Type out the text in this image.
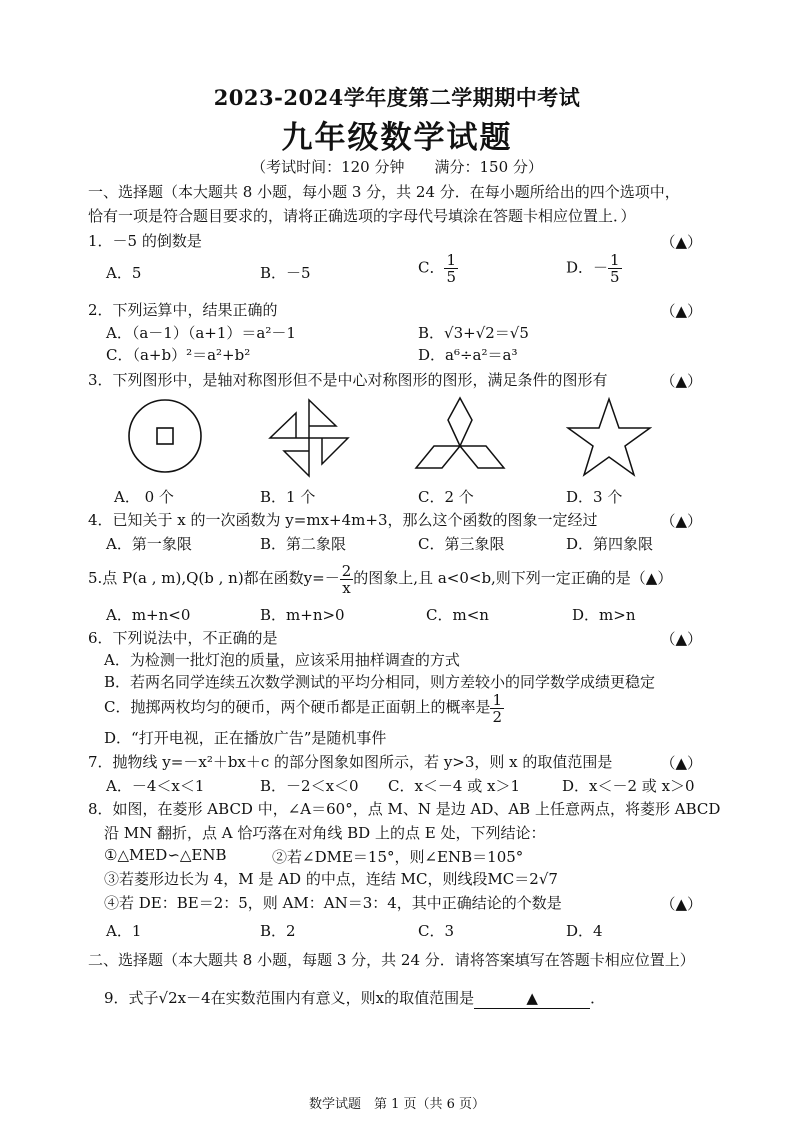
2023-2024学年度第二学期期中考试
九年级数学试题
（考试时间：120 分钟　　满分：150 分）
一、选择题（本大题共 8 小题，每小题 3 分，共 24 分．在每小题所给出的四个选项中，
恰有一项是符合题目要求的，请将正确选项的字母代号填涂在答题卡相应位置上．）
1．－5 的倒数是	（▲）
A．5	B．－5	C． $\frac{1}{5}$	D．－ $\frac{1}{5}$
2．下列运算中，结果正确的	（▲）
A．（a－1）（a+1）＝a²－1	B．√3+√2＝√5
C．（a+b）²＝a²+b²	D．a⁶÷a²＝a³
3．下列图形中，是轴对称图形但不是中心对称图形的图形，满足条件的图形有	（▲）
A． 0 个	B．1 个	C．2 个	D．3 个
4．已知关于 x 的一次函数为 y=mx+4m+3，那么这个函数的图象一定经过	（▲）
A．第一象限	B．第二象限	C．第三象限	D．第四象限
5.点 P(a , m),Q(b , n)都在函数$y=- \frac{2}{x}$ 的图象上,且 a<0<b,则下列一定正确的是（▲）
A．m+n<0	B．m+n>0	C．m<n	D．m>n
6．下列说法中，不正确的是	（▲）
A．为检测一批灯泡的质量，应该采用抽样调查的方式
B．若两名同学连续五次数学测试的平均分相同，则方差较小的同学数学成绩更稳定
C．抛掷两枚均匀的硬币，两个硬币都是正面朝上的概率是 $\frac{1}{2}$
D．“打开电视，正在播放广告”是随机事件
7．抛物线 y=－x²＋bx＋c 的部分图象如图所示，若 y>3，则 x 的取值范围是	（▲）
A．－4＜x＜1	B．－2＜x＜0 C．x＜－4 或 x＞1	D．x＜－2 或 x＞0
8．如图，在菱形 ABCD 中，∠A＝60°，点 M、N 是边 AD、AB 上任意两点，将菱形 ABCD
沿 MN 翻折，点 A 恰巧落在对角线 BD 上的点 E 处，下列结论：
①△MED∽△ENB	②若∠DME＝15°，则∠ENB＝105°
③若菱形边长为 4，M 是 AD 的中点，连结 MC，则线段MC＝2√7
④若 DE：BE＝2：5，则 AM：AN＝3：4，其中正确结论的个数是	（▲）
A．1	B．2	C．3	D．4
二、选择题（本大题共 8 小题，每题 3 分，共 24 分．请将答案填写在答题卡相应位置上）
9．式子√2x－4在实数范围内有意义，则x的取值范围是	▲	．
数学试题　第 1 页（共 6 页）
